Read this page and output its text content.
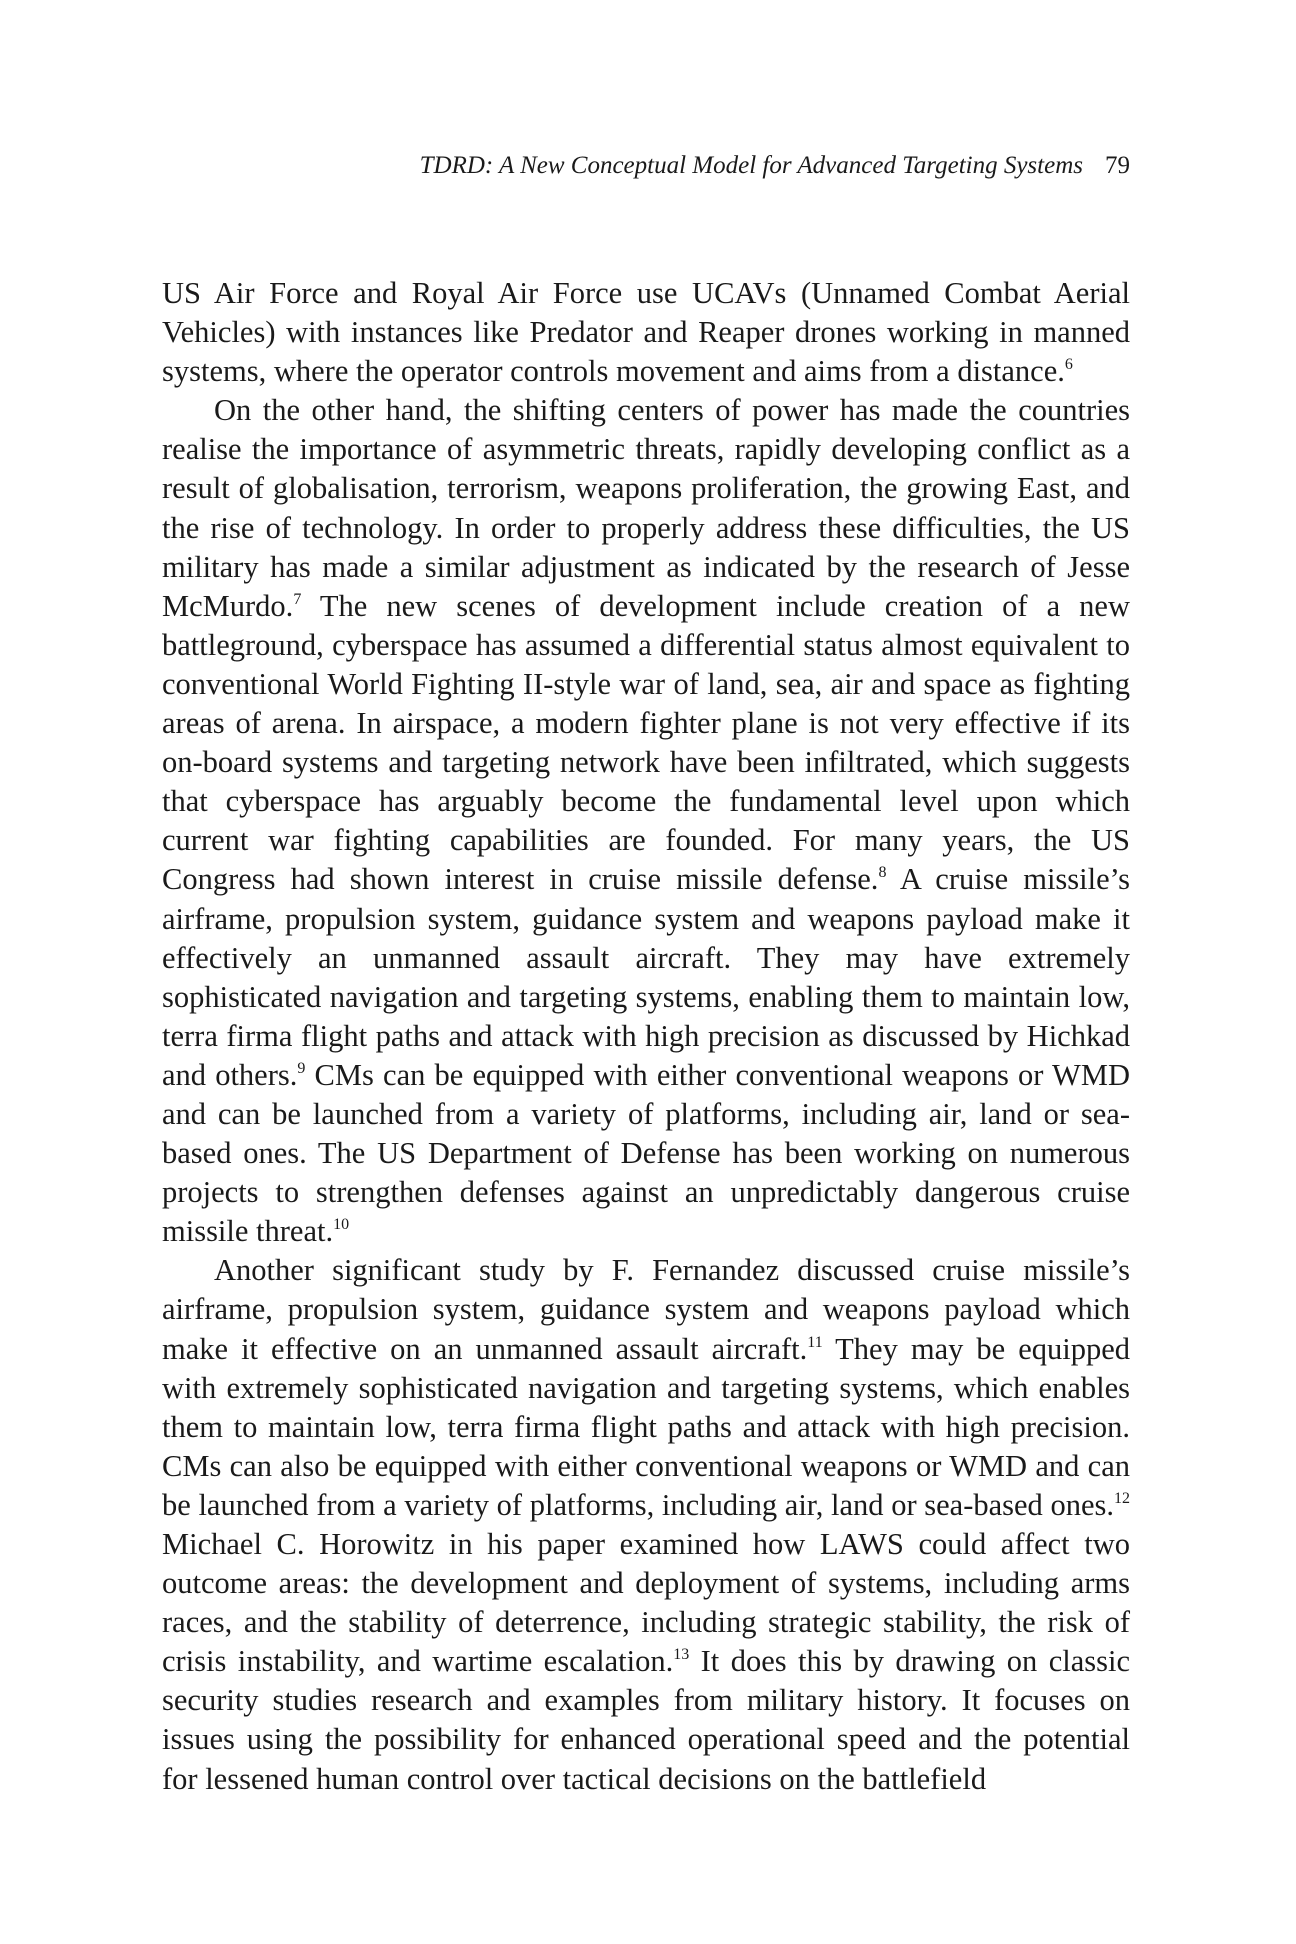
TDRD: A New Conceptual Model for Advanced Targeting Systems 79

US Air Force and Royal Air Force use UCAVs (Unnamed Combat Aerial Vehicles) with instances like Predator and Reaper drones working in manned systems, where the operator controls movement and aims from a distance.$^6$

On the other hand, the shifting centers of power has made the countries realise the importance of asymmetric threats, rapidly developing conflict as a result of globalisation, terrorism, weapons proliferation, the growing East, and the rise of technology. In order to properly address these difficulties, the US military has made a similar adjustment as indicated by the research of Jesse McMurdo.$^7$ The new scenes of development include creation of a new battleground, cyberspace has assumed a differential status almost equivalent to conventional World Fighting II-style war of land, sea, air and space as fighting areas of arena. In airspace, a modern fighter plane is not very effective if its on-board systems and targeting network have been infiltrated, which suggests that cyberspace has arguably become the fundamental level upon which current war fighting capabilities are founded. For many years, the US Congress had shown interest in cruise missile defense.$^8$ A cruise missile’s airframe, propulsion system, guidance system and weapons payload make it effectively an unmanned assault aircraft. They may have extremely sophisticated navigation and targeting systems, enabling them to maintain low, terra firma flight paths and attack with high precision as discussed by Hichkad and others.$^9$ CMs can be equipped with either conventional weapons or WMD and can be launched from a variety of platforms, including air, land or sea-based ones. The US Department of Defense has been working on numerous projects to strengthen defenses against an unpredictably dangerous cruise missile threat.$^{10}$

Another significant study by F. Fernandez discussed cruise missile’s airframe, propulsion system, guidance system and weapons payload which make it effective on an unmanned assault aircraft.$^{11}$ They may be equipped with extremely sophisticated navigation and targeting systems, which enables them to maintain low, terra firma flight paths and attack with high precision. CMs can also be equipped with either conventional weapons or WMD and can be launched from a variety of platforms, including air, land or sea-based ones.$^{12}$ Michael C. Horowitz in his paper examined how LAWS could affect two outcome areas: the development and deployment of systems, including arms races, and the stability of deterrence, including strategic stability, the risk of crisis instability, and wartime escalation.$^{13}$ It does this by drawing on classic security studies research and examples from military history. It focuses on issues using the possibility for enhanced operational speed and the potential for lessened human control over tactical decisions on the battlefield
